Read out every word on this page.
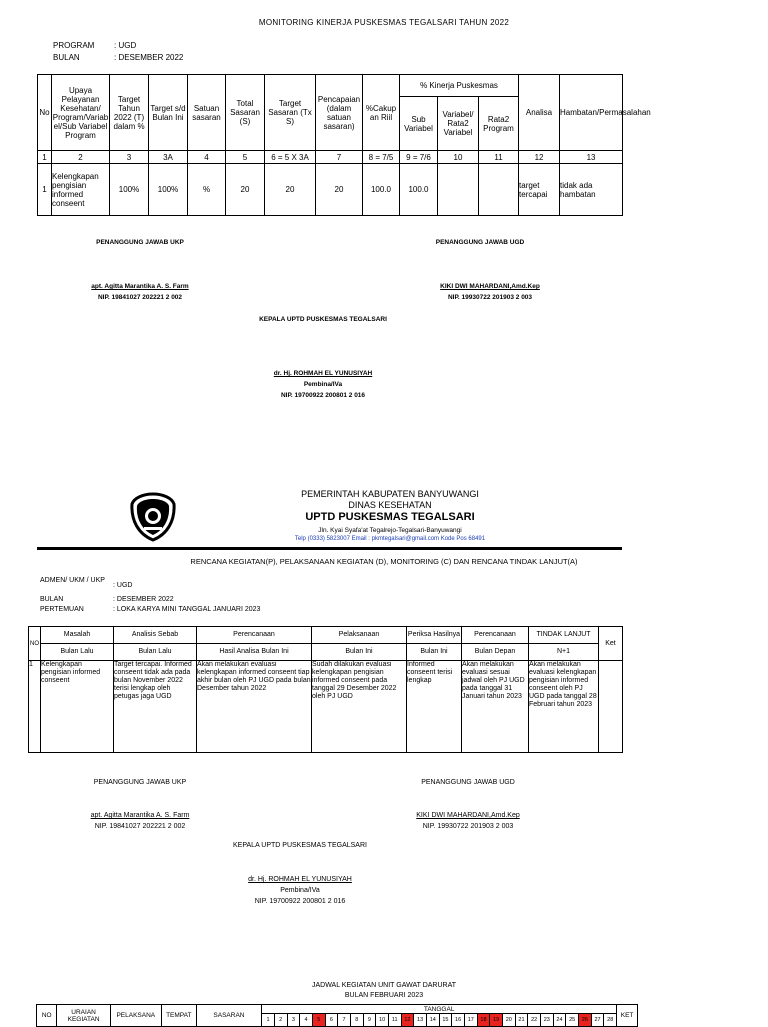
MONITORING KINERJA PUSKESMAS TEGALSARI TAHUN 2022
PROGRAM : UGD
BULAN	: DESEMBER 2022
No	Upaya Pelayanan Kesehatan/ Program/Variab el/Sub Variabel Program	Target Tahun 2022 (T) dalam %	Target s/d Bulan Ini	Satuan sasaran	Total Sasaran (S)	Target Sasaran (Tx S)	Pencapaian (dalam satuan sasaran)	%Cakup an Riil	% Kinerja Puskesmas			Analisa	Hambatan/Permasalahan
									Sub Variabel	Variabel/ Rata2 Variabel	Rata2 Program		
1	2	3	3A	4	5	6 = 5 X 3A	7	8 = 7/5	9 = 7/6	10	11	12	13
1	Kelengkapan pengisian informed conseent	100%	100%	%	20	20	20	100.0	100.0			target tercapai	tidak ada hambatan
PENANGGUNG JAWAB UKP	PENANGGUNG JAWAB UGD
apt. Agitta Marantika A. S. Farm
NIP. 19841027 202221 2 002
KIKI DWI MAHARDANI,Amd.Kep
NIP. 19930722 201903 2 003
KEPALA UPTD PUSKESMAS TEGALSARI
dr. Hj. ROHMAH EL YUNUSIYAH
Pembina/IVa
NIP. 19700922 200801 2 016
PEMERINTAH KABUPATEN BANYUWANGI
DINAS KESEHATAN
UPTD PUSKESMAS TEGALSARI
Jln. Kyai Syafa'at Tegalrejo-Tegalsari-Banyuwangi
Telp (0333) 5823007 Email : pkmtegalsari@gmail.com Kode Pos 68491
RENCANA KEGIATAN(P), PELAKSANAAN KEGIATAN (D), MONITORING (C) DAN RENCANA TINDAK LANJUT(A)
ADMEN/ UKM / UKP
: UGD
BULAN	: DESEMBER 2022
PERTEMUAN	: LOKA KARYA MINI TANGGAL JANUARI 2023
NO	Masalah	Analisis Sebab	Perencanaan	Pelaksanaan	Periksa Hasilnya	Perencanaan	TINDAK LANJUT	Ket
	Bulan Lalu	Bulan Lalu	Hasil Analisa Bulan Ini	Bulan Ini	Bulan Ini	Bulan Depan	N+1	
1	Kelengkapan pengisian informed conseent	Target tercapai. Informed conseent tidak ada pada bulan November 2022 terisi lengkap oleh petugas jaga UGD	Akan melakukan evaluasi kelengkapan informed conseent tiap akhir bulan oleh PJ UGD pada bulan Desember tahun 2022	Sudah dilakukan evaluasi kelengkapan pengisian informed conseent pada tanggal 29 Desember 2022 oleh PJ UGD	Informed conseent terisi lengkap	Akan melakukan evaluasi sesuai jadwal oleh PJ UGD pada tanggal 31 Januari tahun 2023	Akan melakukan evaluasi kelengkapan pengisian informed conseent oleh PJ UGD pada tanggal 28 Februari tahun 2023	
PENANGGUNG JAWAB UKP	PENANGGUNG JAWAB UGD
apt. Agitta Marantika A. S. Farm
NIP. 19841027 202221 2 002
KIKI DWI MAHARDANI,Amd.Kep
NIP. 19930722 201903 2 003
KEPALA UPTD PUSKESMAS TEGALSARI
dr. Hj. ROHMAH EL YUNUSIYAH
Pembina/IVa
NIP. 19700922 200801 2 016
JADWAL KEGIATAN UNIT GAWAT DARURAT
BULAN FEBRUARI 2023
NO	URAIAN KEGIATAN	PELAKSANA	TEMPAT	SASARAN	TANGGAL																												KET
					1	2	3	4	5	6	7	8	9	10	11	12	13	14	15	16	17	18	19	20	21	22	23	24	25	26	27	28	
